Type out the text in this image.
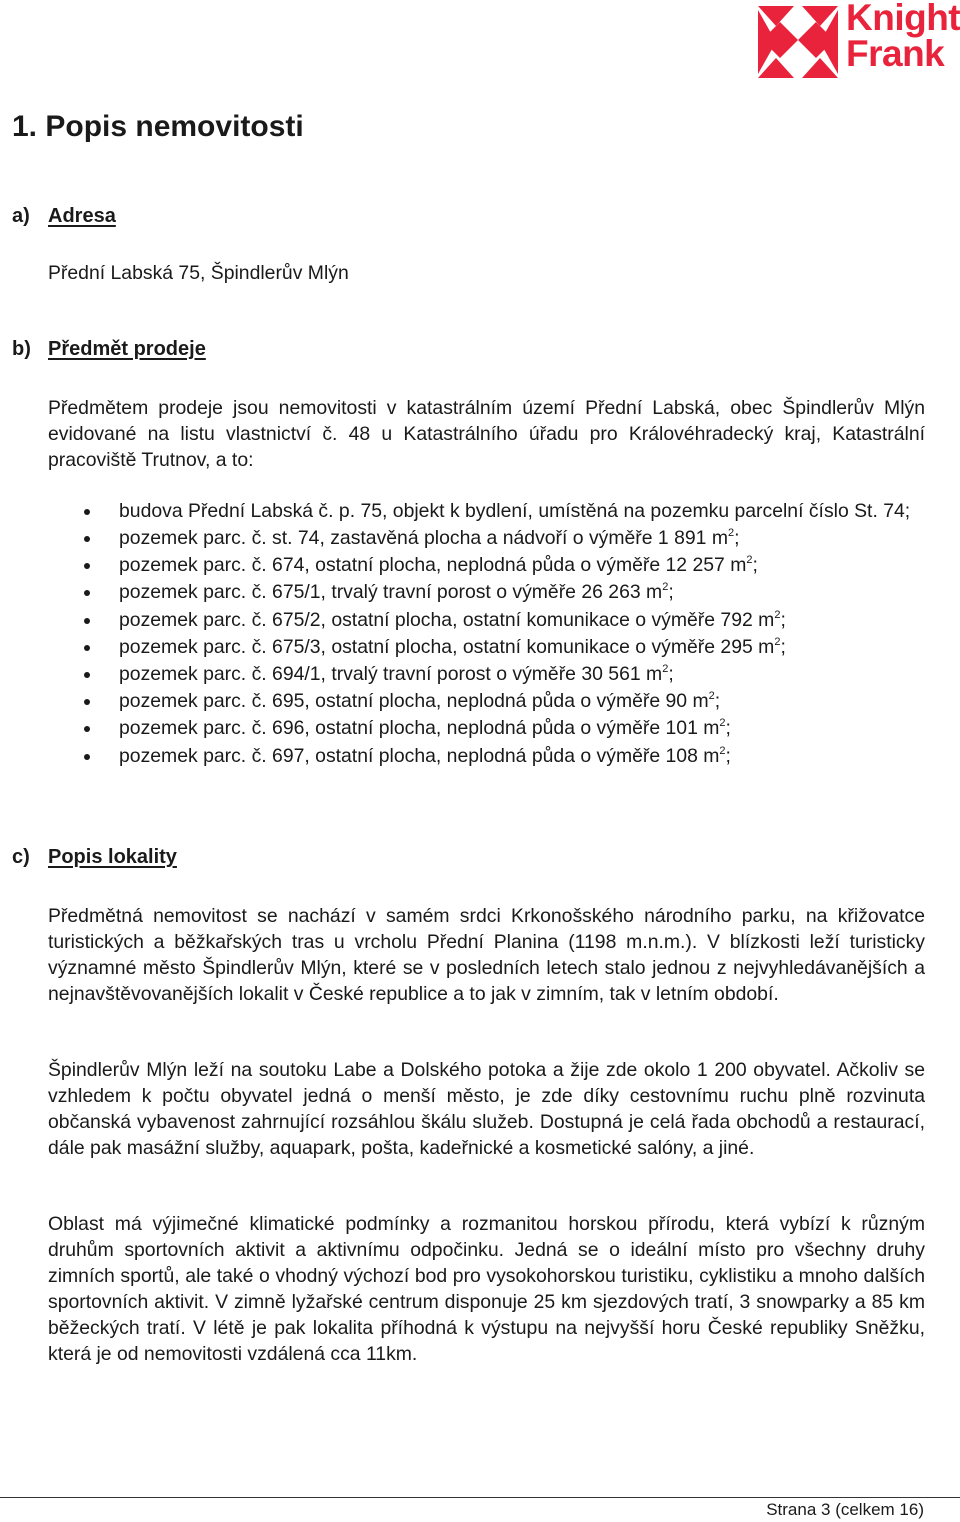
Knight
Frank
1. Popis nemovitosti
a) Adresa

Přední Labská 75, Špindlerův Mlýn

b) Předmět prodeje

Předmětem prodeje jsou nemovitosti v katastrálním území Přední Labská, obec Špindlerův Mlýn evidované na listu vlastnictví č. 48 u Katastrálního úřadu pro Královéhradecký kraj, Katastrální pracoviště Trutnov, a to:

budova Přední Labská č. p. 75, objekt k bydlení, umístěná na pozemku parcelní číslo St. 74;
pozemek parc. č. st. 74, zastavěná plocha a nádvoří o výměře 1 891 $m^2$;
pozemek parc. č. 674, ostatní plocha, neplodná půda o výměře 12 257 $m^2$;
pozemek parc. č. 675/1, trvalý travní porost o výměře 26 263 $m^2$;
pozemek parc. č. 675/2, ostatní plocha, ostatní komunikace o výměře 792 $m^2$;
pozemek parc. č. 675/3, ostatní plocha, ostatní komunikace o výměře 295 $m^2$;
pozemek parc. č. 694/1, trvalý travní porost o výměře 30 561 $m^2$;
pozemek parc. č. 695, ostatní plocha, neplodná půda o výměře 90 $m^2$;
pozemek parc. č. 696, ostatní plocha, neplodná půda o výměře 101 $m^2$;
pozemek parc. č. 697, ostatní plocha, neplodná půda o výměře 108 $m^2$;
c) Popis lokality

Předmětná nemovitost se nachází v samém srdci Krkonošského národního parku, na křižovatce turistických a běžkařských tras u vrcholu Přední Planina (1198 m.n.m.). V blízkosti leží turisticky významné město Špindlerův Mlýn, které se v posledních letech stalo jednou z nejvyhledávanějších a nejnavštěvovanějších lokalit v České republice a to jak v zimním, tak v letním období.

Špindlerův Mlýn leží na soutoku Labe a Dolského potoka a žije zde okolo 1 200 obyvatel. Ačkoliv se vzhledem k počtu obyvatel jedná o menší město, je zde díky cestovnímu ruchu plně rozvinuta občanská vybavenost zahrnující rozsáhlou škálu služeb. Dostupná je celá řada obchodů a restaurací, dále pak masážní služby, aquapark, pošta, kadeřnické a kosmetické salóny, a jiné.

Oblast má výjimečné klimatické podmínky a rozmanitou horskou přírodu, která vybízí k různým druhům sportovních aktivit a aktivnímu odpočinku. Jedná se o ideální místo pro všechny druhy zimních sportů, ale také o vhodný výchozí bod pro vysokohorskou turistiku, cyklistiku a mnoho dalších sportovních aktivit. V zimně lyžařské centrum disponuje 25 km sjezdových tratí, 3 snowparky a 85 km běžeckých tratí. V létě je pak lokalita příhodná k výstupu na nejvyšší horu České republiky Sněžku, která je od nemovitosti vzdálená cca 11km.

Strana 3 (celkem 16)
